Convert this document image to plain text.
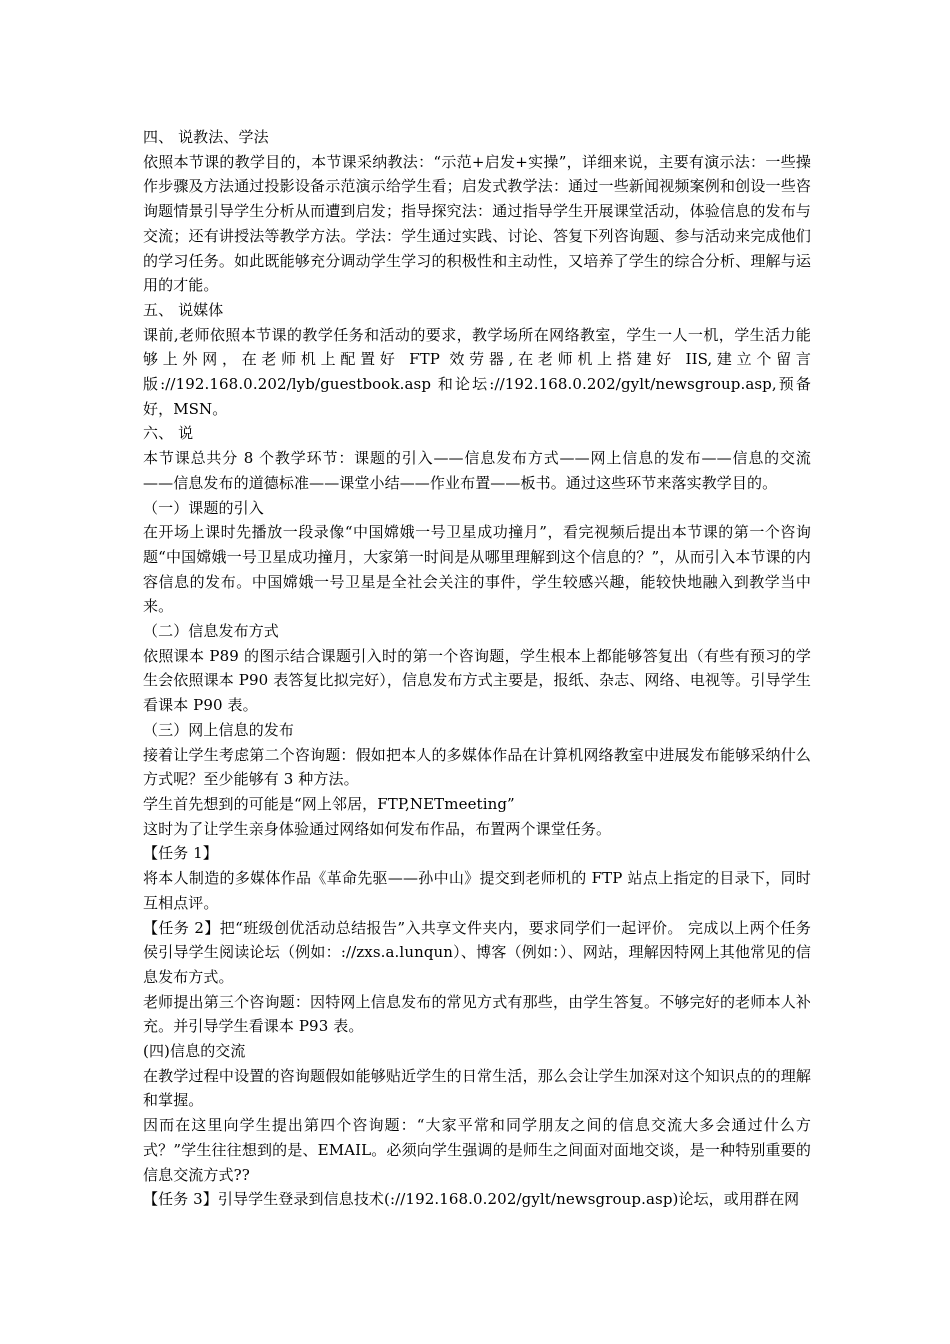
四、 说教法、学法

依照本节课的教学目的，本节课采纳教法：“示范+启发+实操”，详细来说，主要有演示法：一些操作步骤及方法通过投影设备示范演示给学生看；启发式教学法：通过一些新闻视频案例和创设一些咨询题情景引导学生分析从而遭到启发；指导探究法：通过指导学生开展课堂活动，体验信息的发布与交流；还有讲授法等教学方法。学法：学生通过实践、讨论、答复下列咨询题、参与活动来完成他们的学习任务。如此既能够充分调动学生学习的积极性和主动性，又培养了学生的综合分析、理解与运用的才能。

五、 说媒体

课前,老师依照本节课的教学任务和活动的要求，教学场所在网络教室，学生一人一机，学生活力能够上外网，在老师机上配置好 FTP 效劳器,在老师机上搭建好 IIS,建立个留言版://192.168.0.202/lyb/guestbook.asp 和论坛://192.168.0.202/gylt/newsgroup.asp,预备好，MSN。

六、 说

本节课总共分 8 个教学环节：课题的引入——信息发布方式——网上信息的发布——信息的交流——信息发布的道德标准——课堂小结——作业布置——板书。通过这些环节来落实教学目的。

（一）课题的引入

在开场上课时先播放一段录像“中国嫦娥一号卫星成功撞月”，看完视频后提出本节课的第一个咨询题“中国嫦娥一号卫星成功撞月，大家第一时间是从哪里理解到这个信息的？”，从而引入本节课的内容信息的发布。中国嫦娥一号卫星是全社会关注的事件，学生较感兴趣，能较快地融入到教学当中来。

（二）信息发布方式

依照课本 P89 的图示结合课题引入时的第一个咨询题，学生根本上都能够答复出（有些有预习的学生会依照课本 P90 表答复比拟完好），信息发布方式主要是，报纸、杂志、网络、电视等。引导学生看课本 P90 表。

（三）网上信息的发布

接着让学生考虑第二个咨询题：假如把本人的多媒体作品在计算机网络教室中进展发布能够采纳什么方式呢？至少能够有 3 种方法。

学生首先想到的可能是“网上邻居，FTP,NETmeeting”

这时为了让学生亲身体验通过网络如何发布作品，布置两个课堂任务。

【任务 1】

将本人制造的多媒体作品《革命先驱——孙中山》提交到老师机的 FTP 站点上指定的目录下，同时互相点评。

【任务 2】把“班级创优活动总结报告”入共享文件夹内，要求同学们一起评价。 完成以上两个任务侯引导学生阅读论坛（例如：://zxs.a.lunqun）、博客（例如：）、网站，理解因特网上其他常见的信息发布方式。

老师提出第三个咨询题：因特网上信息发布的常见方式有那些，由学生答复。不够完好的老师本人补充。并引导学生看课本 P93 表。

(四)信息的交流

在教学过程中设置的咨询题假如能够贴近学生的日常生活，那么会让学生加深对这个知识点的的理解和掌握。

因而在这里向学生提出第四个咨询题：“大家平常和同学朋友之间的信息交流大多会通过什么方式？”学生往往想到的是、EMAIL。必须向学生强调的是师生之间面对面地交谈，是一种特别重要的信息交流方式??

【任务 3】引导学生登录到信息技术(://192.168.0.202/gylt/newsgroup.asp)论坛，或用群在网
